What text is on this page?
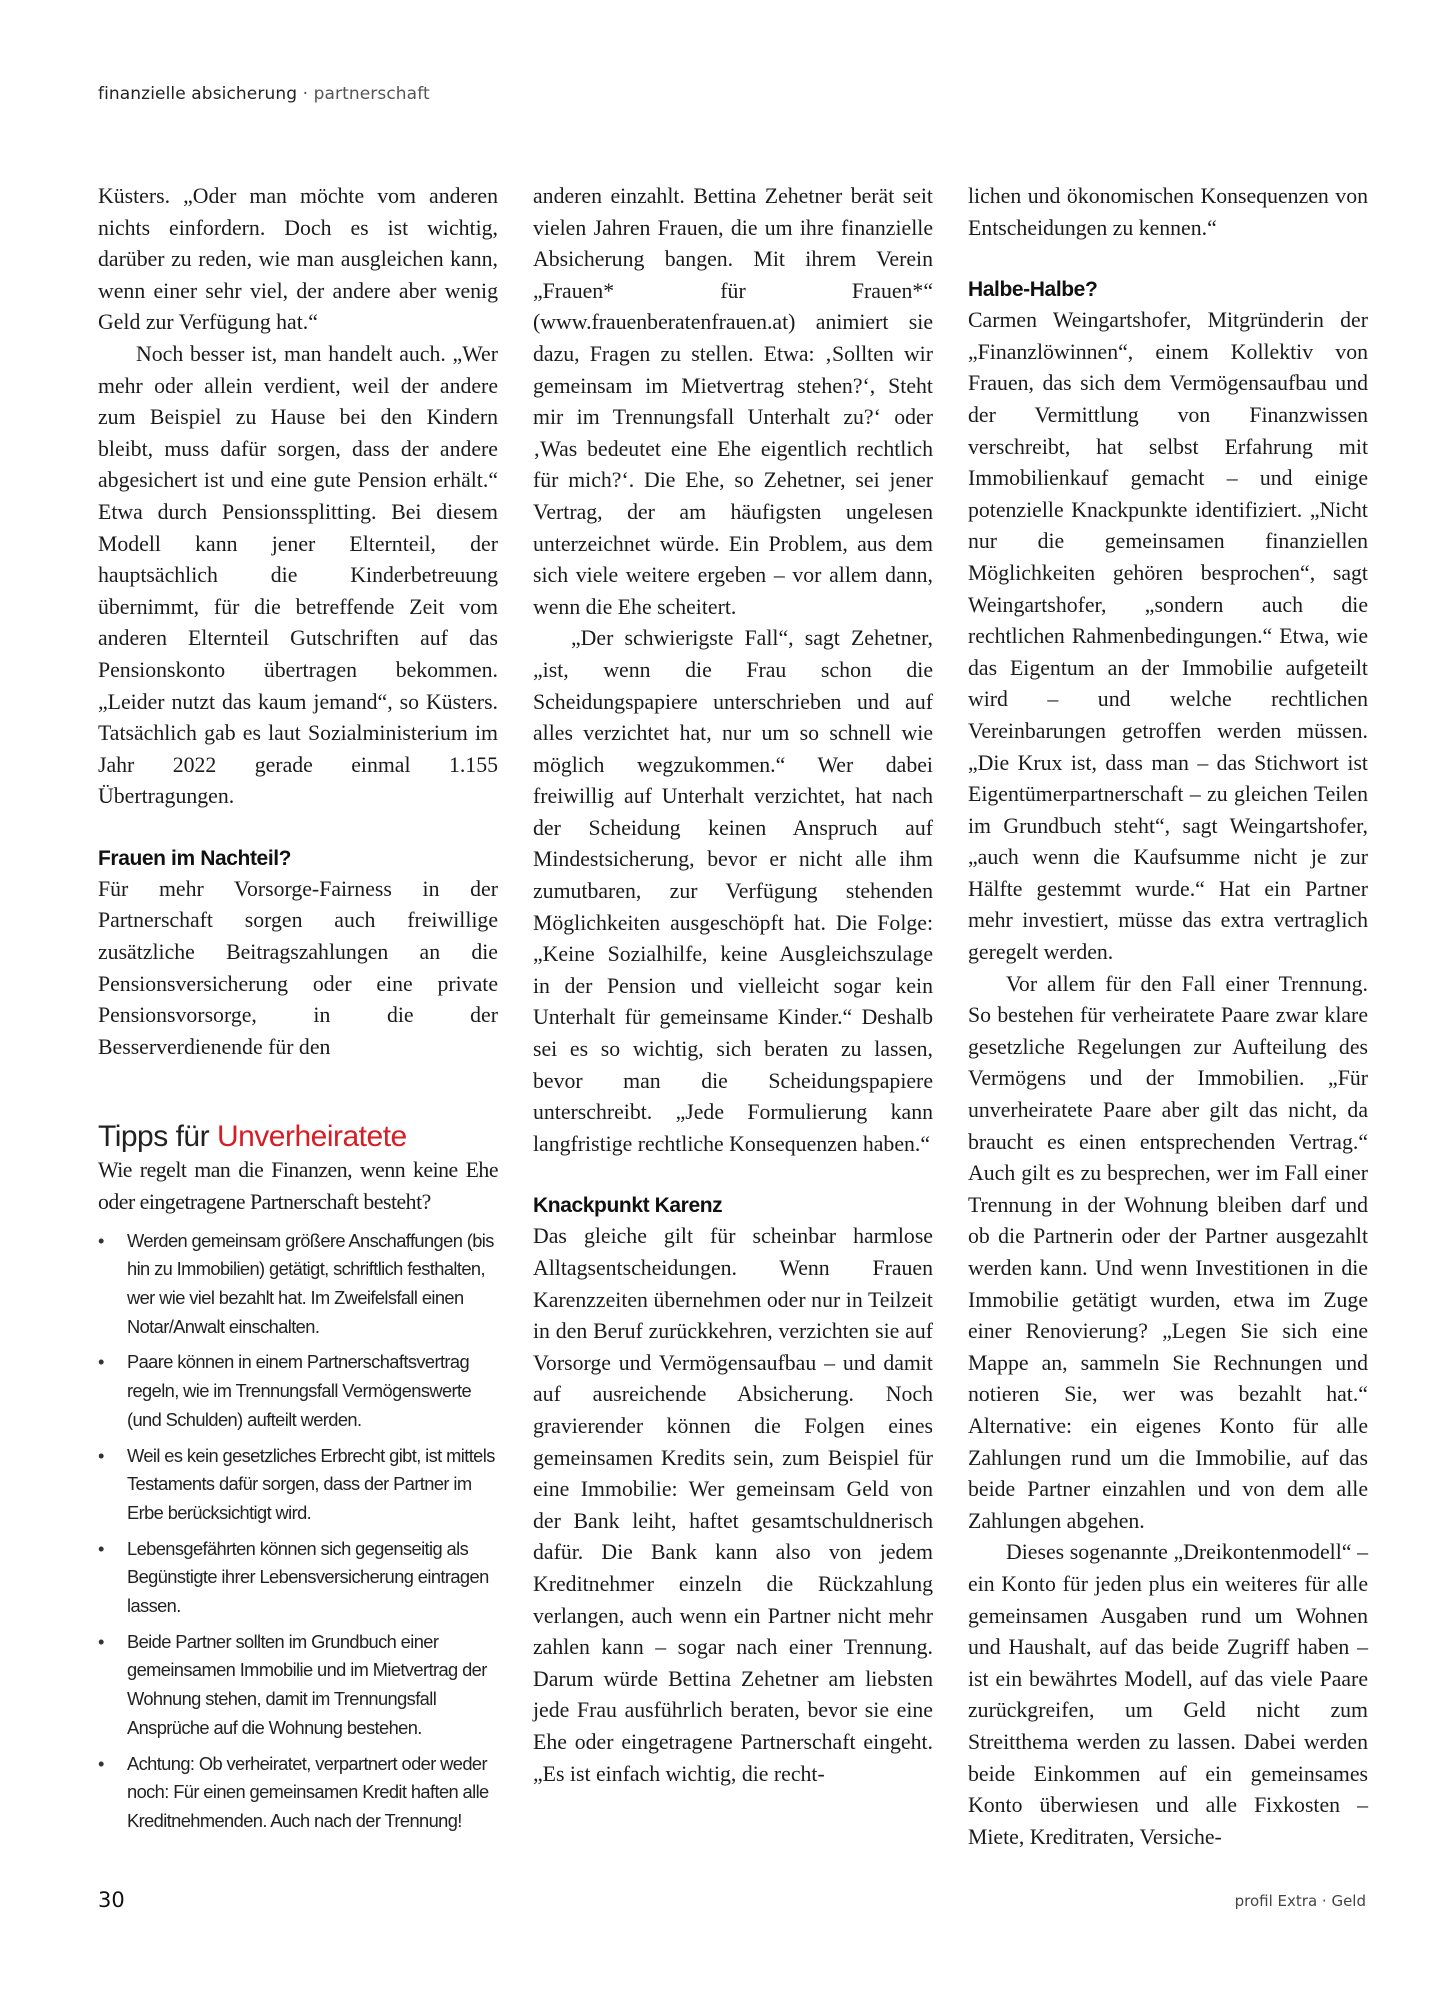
finanzielle absicherung · partnerschaft

Küsters. „Oder man möchte vom anderen nichts einfordern. Doch es ist wichtig, darüber zu reden, wie man ausgleichen kann, wenn einer sehr viel, der andere aber wenig Geld zur Verfügung hat.“

Noch besser ist, man handelt auch. „Wer mehr oder allein verdient, weil der andere zum Beispiel zu Hause bei den Kindern bleibt, muss dafür sorgen, dass der andere abgesichert ist und eine gute Pension erhält.“ Etwa durch Pensionssplitting. Bei diesem Modell kann jener Elternteil, der hauptsächlich die Kinderbetreuung übernimmt, für die betreffende Zeit vom anderen Elternteil Gutschriften auf das Pensionskonto übertragen bekommen. „Leider nutzt das kaum jemand“, so Küsters. Tatsächlich gab es laut Sozialministerium im Jahr 2022 gerade einmal 1.155 Übertragungen.

Frauen im Nachteil?

Für mehr Vorsorge-Fairness in der Partnerschaft sorgen auch freiwillige zusätzliche Beitragszahlungen an die Pensionsversicherung oder eine private Pensionsvorsorge, in die der Besserverdienende für den

Tipps für Unverheiratete

Wie regelt man die Finanzen, wenn keine Ehe oder eingetragene Partnerschaft besteht?

• Werden gemeinsam größere Anschaffungen (bis hin zu Immobilien) getätigt, schriftlich festhalten, wer wie viel bezahlt hat. Im Zweifelsfall einen Notar/Anwalt einschalten.
• Paare können in einem Partnerschaftsvertrag regeln, wie im Trennungsfall Vermögenswerte (und Schulden) aufteilt werden.
• Weil es kein gesetzliches Erbrecht gibt, ist mittels Testaments dafür sorgen, dass der Partner im Erbe berücksichtigt wird.
• Lebensgefährten können sich gegenseitig als Begünstigte ihrer Lebensversicherung eintragen lassen.
• Beide Partner sollten im Grundbuch einer gemeinsamen Immobilie und im Mietvertrag der Wohnung stehen, damit im Trennungsfall Ansprüche auf die Wohnung bestehen.
• Achtung: Ob verheiratet, verpartnert oder weder noch: Für einen gemeinsamen Kredit haften alle Kreditnehmenden. Auch nach der Trennung!

anderen einzahlt. Bettina Zehetner berät seit vielen Jahren Frauen, die um ihre finanzielle Absicherung bangen. Mit ihrem Verein „Frauen* für Frauen*“ (www.frauenberatenfrauen.at) animiert sie dazu, Fragen zu stellen. Etwa: ‚Sollten wir gemeinsam im Mietvertrag stehen?‘, Steht mir im Trennungsfall Unterhalt zu?‘ oder ‚Was bedeutet eine Ehe eigentlich rechtlich für mich?‘. Die Ehe, so Zehetner, sei jener Vertrag, der am häufigsten ungelesen unterzeichnet würde. Ein Problem, aus dem sich viele weitere ergeben – vor allem dann, wenn die Ehe scheitert.

„Der schwierigste Fall“, sagt Zehetner, „ist, wenn die Frau schon die Scheidungspapiere unterschrieben und auf alles verzichtet hat, nur um so schnell wie möglich wegzukommen.“ Wer dabei freiwillig auf Unterhalt verzichtet, hat nach der Scheidung keinen Anspruch auf Mindestsicherung, bevor er nicht alle ihm zumutbaren, zur Verfügung stehenden Möglichkeiten ausgeschöpft hat. Die Folge: „Keine Sozialhilfe, keine Ausgleichszulage in der Pension und vielleicht sogar kein Unterhalt für gemeinsame Kinder.“ Deshalb sei es so wichtig, sich beraten zu lassen, bevor man die Scheidungspapiere unterschreibt. „Jede Formulierung kann langfristige rechtliche Konsequenzen haben.“

Knackpunkt Karenz

Das gleiche gilt für scheinbar harmlose Alltagsentscheidungen. Wenn Frauen Karenzzeiten übernehmen oder nur in Teilzeit in den Beruf zurückkehren, verzichten sie auf Vorsorge und Vermögensaufbau – und damit auf ausreichende Absicherung. Noch gravierender können die Folgen eines gemeinsamen Kredits sein, zum Beispiel für eine Immobilie: Wer gemeinsam Geld von der Bank leiht, haftet gesamtschuldnerisch dafür. Die Bank kann also von jedem Kreditnehmer einzeln die Rückzahlung verlangen, auch wenn ein Partner nicht mehr zahlen kann – sogar nach einer Trennung. Darum würde Bettina Zehetner am liebsten jede Frau ausführlich beraten, bevor sie eine Ehe oder eingetragene Partnerschaft eingeht. „Es ist einfach wichtig, die recht-

lichen und ökonomischen Konsequenzen von Entscheidungen zu kennen.“

Halbe-Halbe?

Carmen Weingartshofer, Mitgründerin der „Finanzlöwinnen“, einem Kollektiv von Frauen, das sich dem Vermögensaufbau und der Vermittlung von Finanzwissen verschreibt, hat selbst Erfahrung mit Immobilienkauf gemacht – und einige potenzielle Knackpunkte identifiziert. „Nicht nur die gemeinsamen finanziellen Möglichkeiten gehören besprochen“, sagt Weingartshofer, „sondern auch die rechtlichen Rahmenbedingungen.“ Etwa, wie das Eigentum an der Immobilie aufgeteilt wird – und welche rechtlichen Vereinbarungen getroffen werden müssen. „Die Krux ist, dass man – das Stichwort ist Eigentümerpartnerschaft – zu gleichen Teilen im Grundbuch steht“, sagt Weingartshofer, „auch wenn die Kaufsumme nicht je zur Hälfte gestemmt wurde.“ Hat ein Partner mehr investiert, müsse das extra vertraglich geregelt werden.

Vor allem für den Fall einer Trennung. So bestehen für verheiratete Paare zwar klare gesetzliche Regelungen zur Aufteilung des Vermögens und der Immobilien. „Für unverheiratete Paare aber gilt das nicht, da braucht es einen entsprechenden Vertrag.“ Auch gilt es zu besprechen, wer im Fall einer Trennung in der Wohnung bleiben darf und ob die Partnerin oder der Partner ausgezahlt werden kann. Und wenn Investitionen in die Immobilie getätigt wurden, etwa im Zuge einer Renovierung? „Legen Sie sich eine Mappe an, sammeln Sie Rechnungen und notieren Sie, wer was bezahlt hat.“ Alternative: ein eigenes Konto für alle Zahlungen rund um die Immobilie, auf das beide Partner einzahlen und von dem alle Zahlungen abgehen.

Dieses sogenannte „Dreikontenmodell“ – ein Konto für jeden plus ein weiteres für alle gemeinsamen Ausgaben rund um Wohnen und Haushalt, auf das beide Zugriff haben – ist ein bewährtes Modell, auf das viele Paare zurückgreifen, um Geld nicht zum Streitthema werden zu lassen. Dabei werden beide Einkommen auf ein gemeinsames Konto überwiesen und alle Fixkosten – Miete, Kreditraten, Versiche-

30	profil Extra · Geld
